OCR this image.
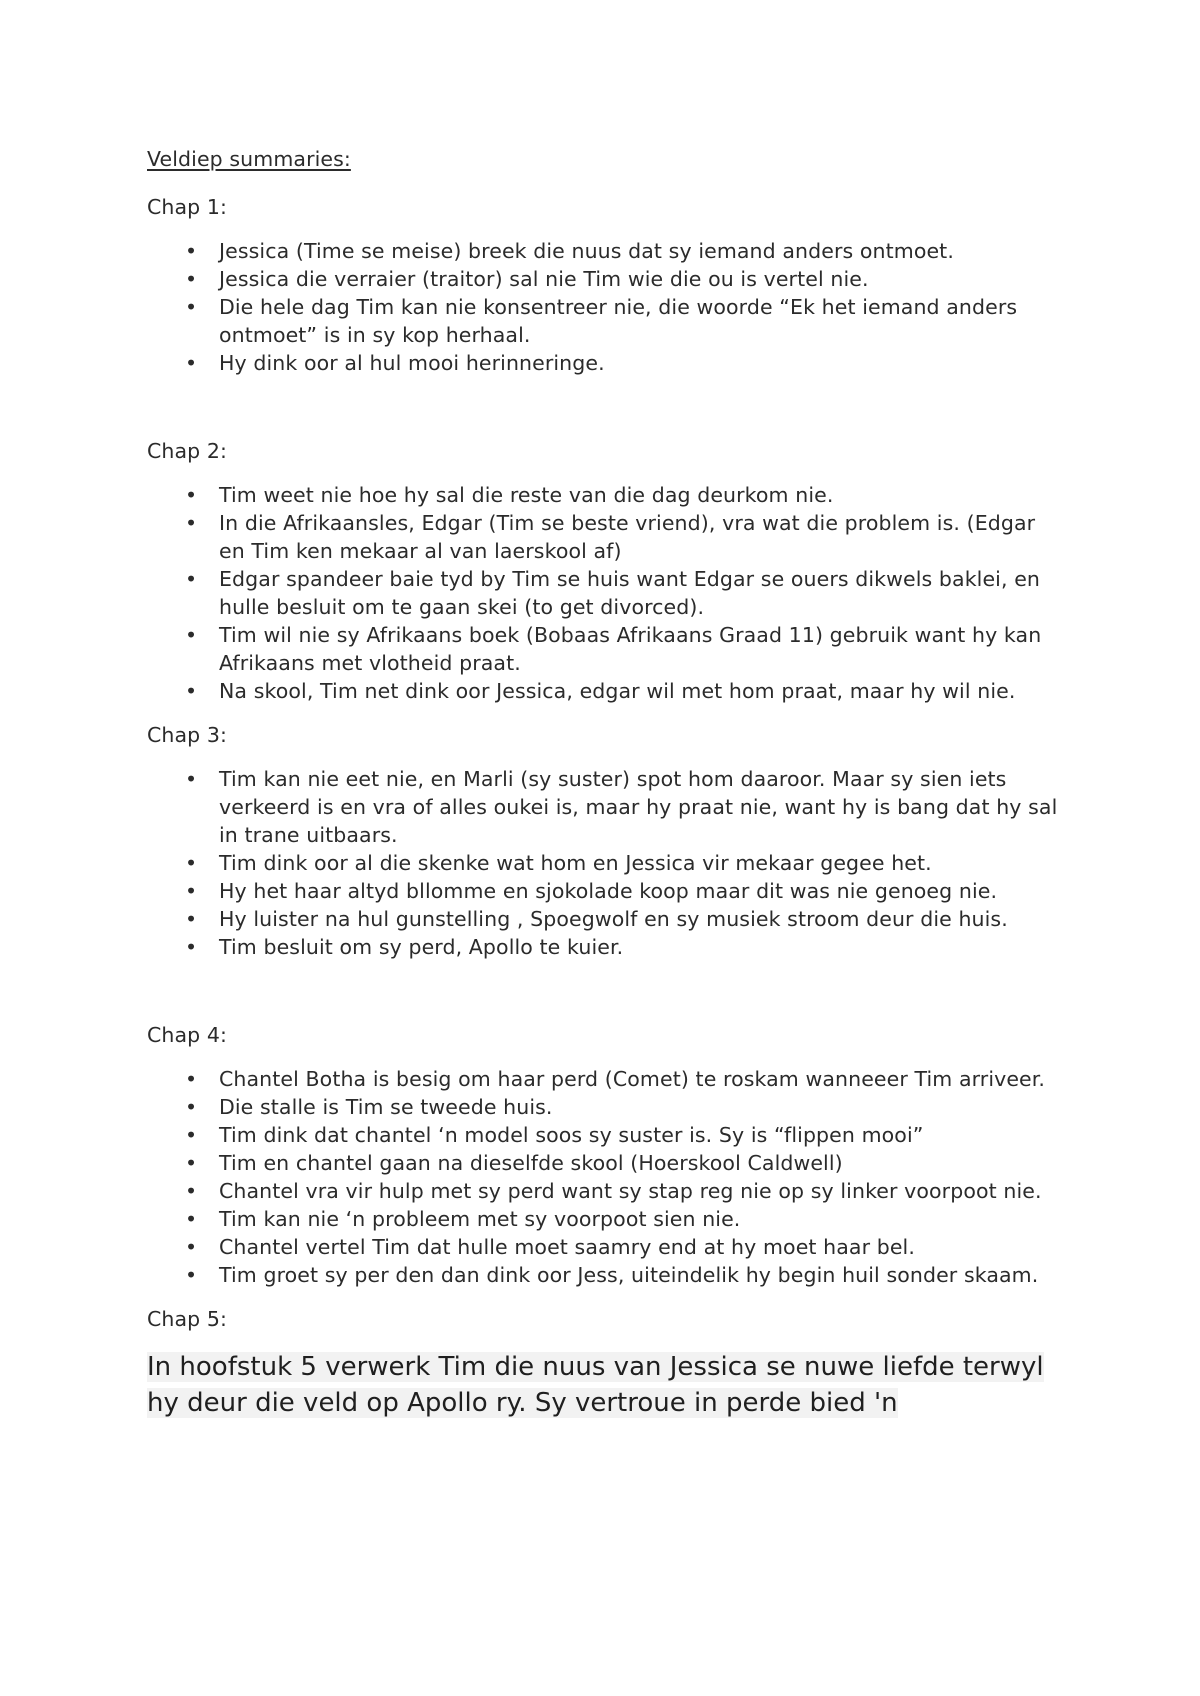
Veldiep summaries:
Chap 1:
• Jessica (Time se meise) breek die nuus dat sy iemand anders ontmoet.
• Jessica die verraier (traitor) sal nie Tim wie die ou is vertel nie.
• Die hele dag Tim kan nie konsentreer nie, die woorde “Ek het iemand anders ontmoet” is in sy kop herhaal.
• Hy dink oor al hul mooi herinneringe.
Chap 2:
• Tim weet nie hoe hy sal die reste van die dag deurkom nie.
• In die Afrikaansles, Edgar (Tim se beste vriend), vra wat die problem is. (Edgar en Tim ken mekaar al van laerskool af)
• Edgar spandeer baie tyd by Tim se huis want Edgar se ouers dikwels baklei, en hulle besluit om te gaan skei (to get divorced).
• Tim wil nie sy Afrikaans boek (Bobaas Afrikaans Graad 11) gebruik want hy kan Afrikaans met vlotheid praat.
• Na skool, Tim net dink oor Jessica, edgar wil met hom praat, maar hy wil nie.
Chap 3:
• Tim kan nie eet nie, en Marli (sy suster) spot hom daaroor. Maar sy sien iets verkeerd is en vra of alles oukei is, maar hy praat nie, want hy is bang dat hy sal in trane uitbaars.
• Tim dink oor al die skenke wat hom en Jessica vir mekaar gegee het.
• Hy het haar altyd bllomme en sjokolade koop maar dit was nie genoeg nie.
• Hy luister na hul gunstelling , Spoegwolf en sy musiek stroom deur die huis.
• Tim besluit om sy perd, Apollo te kuier.
Chap 4:
• Chantel Botha is besig om haar perd (Comet) te roskam wanneeer Tim arriveer.
• Die stalle is Tim se tweede huis.
• Tim dink dat chantel ‘n model soos sy suster is. Sy is “flippen mooi”
• Tim en chantel gaan na dieselfde skool (Hoerskool Caldwell)
• Chantel vra vir hulp met sy perd want sy stap reg nie op sy linker voorpoot nie.
• Tim kan nie ‘n probleem met sy voorpoot sien nie.
• Chantel vertel Tim dat hulle moet saamry end at hy moet haar bel.
• Tim groet sy per den dan dink oor Jess, uiteindelik hy begin huil sonder skaam.
Chap 5:
In hoofstuk 5 verwerk Tim die nuus van Jessica se nuwe liefde terwyl hy deur die veld op Apollo ry. Sy vertroue in perde bied 'n
